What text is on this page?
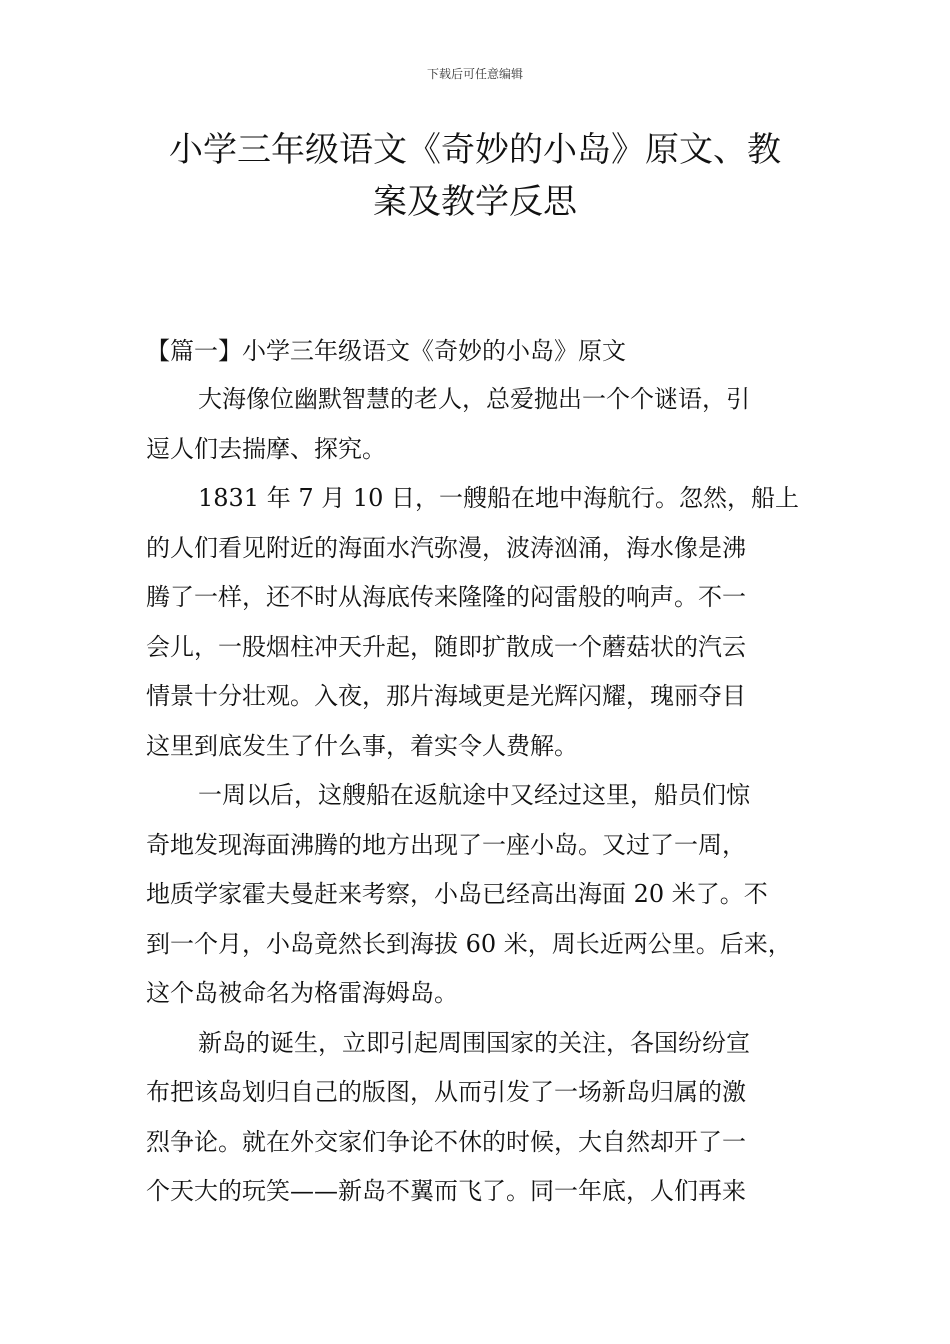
下载后可任意编辑
小学三年级语文《奇妙的小岛》原文、教
案及教学反思

【篇一】小学三年级语文《奇妙的小岛》原文

大海像位幽默智慧的老人，总爱抛出一个个谜语，引

逗人们去揣摩、探究。

1831 年 7 月 10 日，一艘船在地中海航行。忽然，船上

的人们看见附近的海面水汽弥漫，波涛汹涌，海水像是沸

腾了一样，还不时从海底传来隆隆的闷雷般的响声。不一

会儿，一股烟柱冲天升起，随即扩散成一个蘑菇状的汽云

情景十分壮观。入夜，那片海域更是光辉闪耀，瑰丽夺目

这里到底发生了什么事，着实令人费解。

一周以后，这艘船在返航途中又经过这里，船员们惊

奇地发现海面沸腾的地方出现了一座小岛。又过了一周，

地质学家霍夫曼赶来考察，小岛已经高出海面 20 米了。不

到一个月，小岛竟然长到海拔 60 米，周长近两公里。后来，

这个岛被命名为格雷海姆岛。

新岛的诞生，立即引起周围国家的关注，各国纷纷宣

布把该岛划归自己的版图，从而引发了一场新岛归属的激

烈争论。就在外交家们争论不休的时候，大自然却开了一

个天大的玩笑——新岛不翼而飞了。同一年底，人们再来
